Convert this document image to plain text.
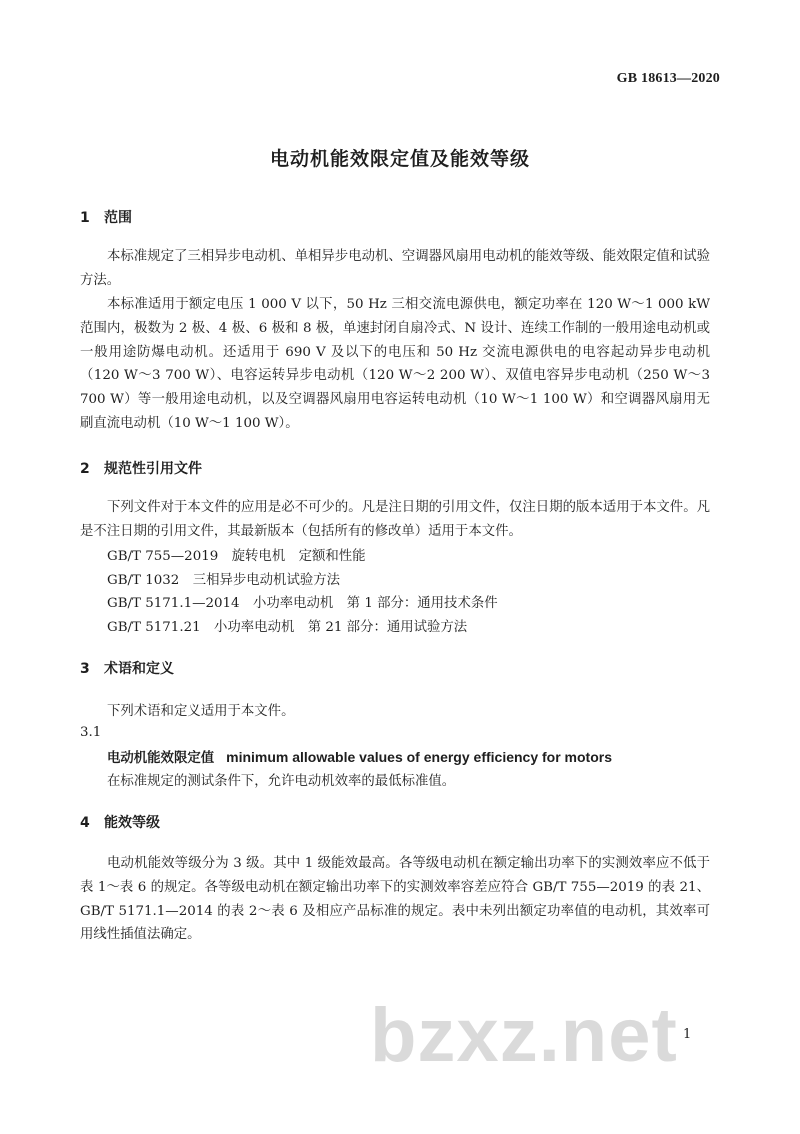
GB 18613—2020
电动机能效限定值及能效等级
1 范围
本标准规定了三相异步电动机、单相异步电动机、空调器风扇用电动机的能效等级、能效限定值和试验方法。
本标准适用于额定电压 1 000 V 以下，50 Hz 三相交流电源供电，额定功率在 120 W～1 000 kW 范围内，极数为 2 极、4 极、6 极和 8 极，单速封闭自扇冷式、N 设计、连续工作制的一般用途电动机或一般用途防爆电动机。还适用于 690 V 及以下的电压和 50 Hz 交流电源供电的电容起动异步电动机（120 W～3 700 W）、电容运转异步电动机（120 W～2 200 W）、双值电容异步电动机（250 W～3 700 W）等一般用途电动机，以及空调器风扇用电容运转电动机（10 W～1 100 W）和空调器风扇用无刷直流电动机（10 W～1 100 W）。
2 规范性引用文件
下列文件对于本文件的应用是必不可少的。凡是注日期的引用文件，仅注日期的版本适用于本文件。凡是不注日期的引用文件，其最新版本（包括所有的修改单）适用于本文件。
GB/T 755—2019　旋转电机　定额和性能
GB/T 1032　三相异步电动机试验方法
GB/T 5171.1—2014　小功率电动机　第 1 部分：通用技术条件
GB/T 5171.21　小功率电动机　第 21 部分：通用试验方法
3 术语和定义
下列术语和定义适用于本文件。
3.1
电动机能效限定值 minimum allowable values of energy efficiency for motors
在标准规定的测试条件下，允许电动机效率的最低标准值。
4 能效等级
电动机能效等级分为 3 级。其中 1 级能效最高。各等级电动机在额定输出功率下的实测效率应不低于表 1～表 6 的规定。各等级电动机在额定输出功率下的实测效率容差应符合 GB/T 755—2019 的表 21、GB/T 5171.1—2014 的表 2～表 6 及相应产品标准的规定。表中未列出额定功率值的电动机，其效率可用线性插值法确定。
bzxz.net 1
